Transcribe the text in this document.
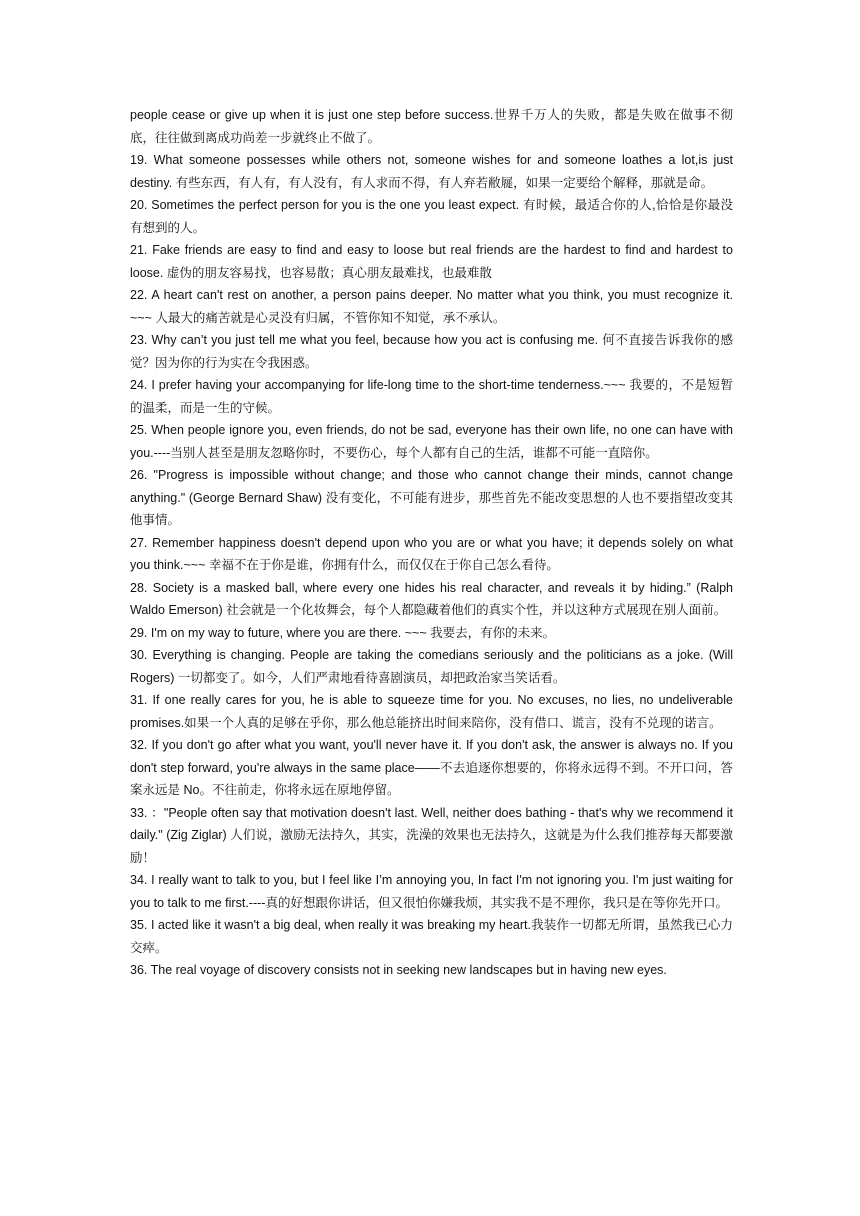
people cease or give up when it is just one step before success.世界千万人的失败，都是失败在做事不彻底，往往做到离成功尚差一步就终止不做了。

19. What someone possesses while others not, someone wishes for and someone loathes a lot,is just destiny. 有些东西，有人有，有人没有，有人求而不得，有人弃若敝屣，如果一定要给个解释，那就是命。

20. Sometimes the perfect person for you is the one you least expect. 有时候，最适合你的人,恰恰是你最没有想到的人。

21. Fake friends are easy to find and easy to loose but real friends are the hardest to find and hardest to loose. 虚伪的朋友容易找，也容易散；真心朋友最难找，也最难散

22. A heart can't rest on another, a person pains deeper. No matter what you think, you must recognize it. ~~~ 人最大的痛苦就是心灵没有归属，不管你知不知觉，承不承认。

23. Why can’t you just tell me what you feel, because how you act is confusing me. 何不直接告诉我你的感觉？因为你的行为实在令我困惑。

24. I prefer having your accompanying for life-long time to the short-time tenderness.~~~ 我要的，不是短暂的温柔，而是一生的守候。

25. When people ignore you, even friends, do not be sad, everyone has their own life, no one can have with you.----当别人甚至是朋友忽略你时，不要伤心，每个人都有自己的生活，谁都不可能一直陪你。

26. "Progress is impossible without change; and those who cannot change their minds, cannot change anything." (George Bernard Shaw) 没有变化，不可能有进步，那些首先不能改变思想的人也不要指望改变其他事情。

27. Remember happiness doesn't depend upon who you are or what you have; it depends solely on what you think.~~~ 幸福不在于你是谁，你拥有什么，而仅仅在于你自己怎么看待。

28. Society is a masked ball, where every one hides his real character, and reveals it by hiding.” (Ralph Waldo Emerson) 社会就是一个化妆舞会，每个人都隐藏着他们的真实个性，并以这种方式展现在别人面前。

29. I'm on my way to future, where you are there. ~~~ 我要去，有你的未来。

30. Everything is changing. People are taking the comedians seriously and the politicians as a joke. (Will Rogers) 一切都变了。如今，人们严肃地看待喜剧演员，却把政治家当笑话看。

31. If one really cares for you, he is able to squeeze time for you. No excuses, no lies, no undeliverable promises.如果一个人真的足够在乎你，那么他总能挤出时间来陪你，没有借口、谎言，没有不兑现的诺言。

32. If you don't go after what you want, you'll never have it. If you don't ask, the answer is always no. If you don't step forward, you're always in the same place——不去追逐你想要的，你将永远得不到。不开口问，答案永远是 No。不往前走，你将永远在原地停留。

33. ："People often say that motivation doesn't last. Well, neither does bathing - that's why we recommend it daily." (Zig Ziglar) 人们说，激励无法持久，其实，洗澡的效果也无法持久，这就是为什么我们推荐每天都要激励！

34. I really want to talk to you, but I feel like I’m annoying you, In fact I'm not ignoring you. I'm just waiting for you to talk to me first.----真的好想跟你讲话，但又很怕你嫌我烦，其实我不是不理你，我只是在等你先开口。

35. I acted like it wasn't a big deal, when really it was breaking my heart.我装作一切都无所谓，虽然我已心力交瘁。

36. The real voyage of discovery consists not in seeking new landscapes but in having new eyes.
